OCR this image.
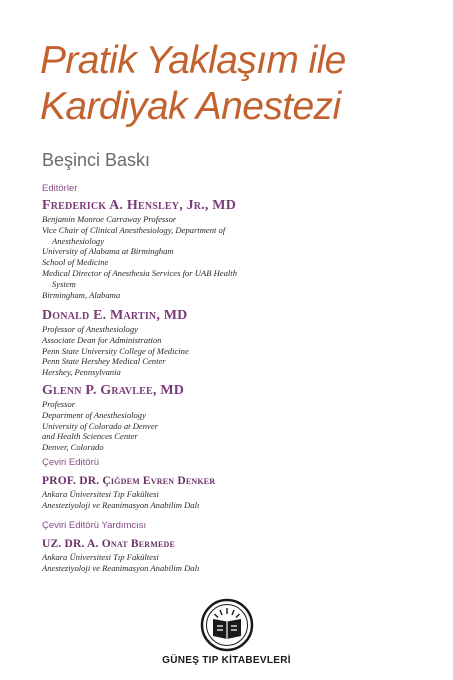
Pratik Yaklaşım ile
Kardiyak Anestezi
Beşinci Baskı
Editörler
Frederick A. Hensley, Jr., MD
Benjamin Monroe Carraway Professor
Vice Chair of Clinical Anesthesiology, Department of
Anesthesiology
University of Alabama at Birmingham
School of Medicine
Medical Director of Anesthesia Services for UAB Health
System
Birmingham, Alabama
Donald E. Martin, MD
Professor of Anesthesiology
Associate Dean for Administration
Penn State University College of Medicine
Penn State Hershey Medical Center
Hershey, Pennsylvania
Glenn P. Gravlee, MD
Professor
Department of Anesthesiology
University of Colorado at Denver
and Health Sciences Center
Denver, Colorado
Çeviri Editörü
PROF. DR. Çiğdem Evren Denker
Ankara Üniversitesi Tıp Fakültesi
Anesteziyoloji ve Reanimasyon Anabilim Dalı
Çeviri Editörü Yardımcısı
UZ. DR. A. Onat Bermede
Ankara Üniversitesi Tıp Fakültesi
Anesteziyoloji ve Reanimasyon Anabilim Dalı
GÜNEŞ TIP KİTABEVLERİ
